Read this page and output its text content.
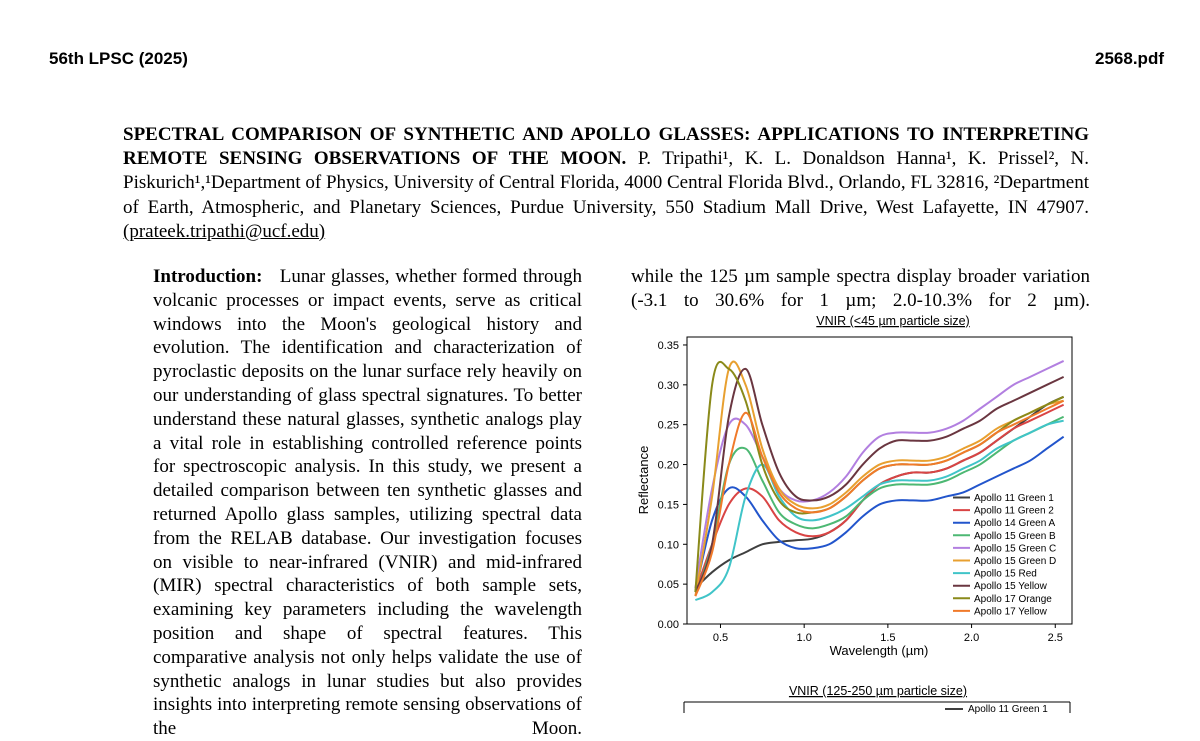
56th LPSC (2025)	2568.pdf
SPECTRAL COMPARISON OF SYNTHETIC AND APOLLO GLASSES: APPLICATIONS TO INTERPRETING REMOTE SENSING OBSERVATIONS OF THE MOON. P. Tripathi¹, K. L. Donaldson Hanna¹, K. Prissel², N. Piskurich¹,¹Department of Physics, University of Central Florida, 4000 Central Florida Blvd., Orlando, FL 32816, ²Department of Earth, Atmospheric, and Planetary Sciences, Purdue University, 550 Stadium Mall Drive, West Lafayette, IN 47907. (prateek.tripathi@ucf.edu)
Introduction: Lunar glasses, whether formed through volcanic processes or impact events, serve as critical windows into the Moon's geological history and evolution. The identification and characterization of pyroclastic deposits on the lunar surface rely heavily on our understanding of glass spectral signatures. To better understand these natural glasses, synthetic analogs play a vital role in establishing controlled reference points for spectroscopic analysis. In this study, we present a detailed comparison between ten synthetic glasses and returned Apollo glass samples, utilizing spectral data from the RELAB database. Our investigation focuses on visible to near-infrared (VNIR) and mid-infrared (MIR) spectral characteristics of both sample sets, examining key parameters including the wavelength position and shape of spectral features. This comparative analysis not only helps validate the use of synthetic analogs in lunar studies but also provides insights into interpreting remote sensing observations of the Moon.
while the 125 µm sample spectra display broader variation (-3.1 to 30.6% for 1 µm; 2.0-10.3% for 2 µm).
VNIR (<45 µm particle size)
0.00
0.05
0.10
0.15
0.20
0.25
0.30
0.35
0.5	1.0	1.5	2.0	2.5
Reflectance
Wavelength (µm)
Apollo 11 Green 1
Apollo 11 Green 2
Apollo 14 Green A
Apollo 15 Green B
Apollo 15 Green C
Apollo 15 Green D
Apollo 15 Red
Apollo 15 Yellow
Apollo 17 Orange
Apollo 17 Yellow
VNIR (125-250 µm particle size)
Apollo 11 Green 1
